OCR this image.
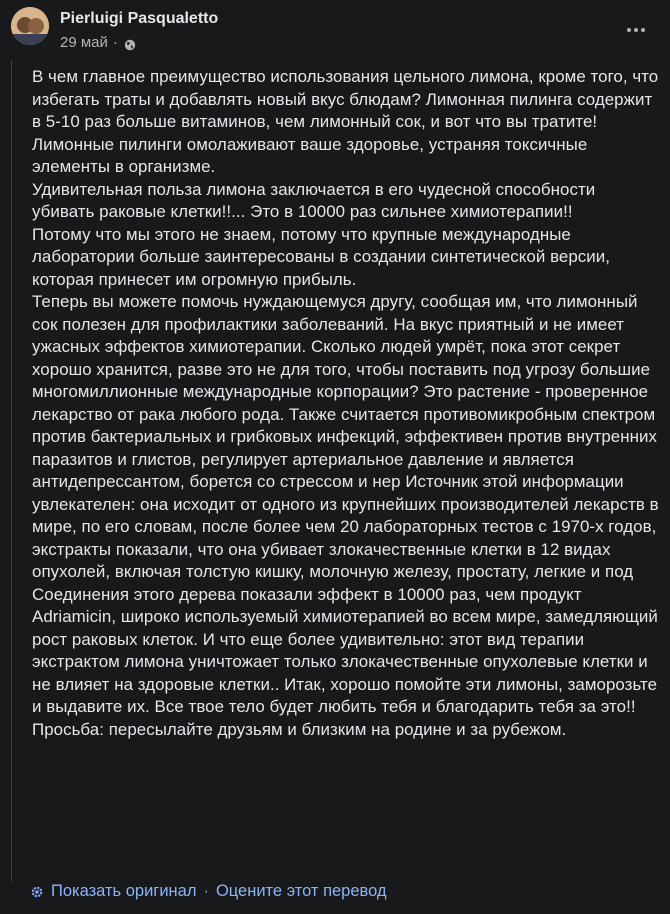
Pierluigi Pasqualetto
29 май ·

В чем главное преимущество использования цельного лимона, кроме того, что избегать траты и добавлять новый вкус блюдам? Лимонная пилинга содержит в 5-10 раз больше витаминов, чем лимонный сок, и вот что вы тратите! Лимонные пилинги омолаживают ваше здоровье, устраняя токсичные элементы в организме.
Удивительная польза лимона заключается в его чудесной способности убивать раковые клетки!!... Это в 10000 раз сильнее химиотерапии!!
Потому что мы этого не знаем, потому что крупные международные лаборатории больше заинтересованы в создании синтетической версии, которая принесет им огромную прибыль.
Теперь вы можете помочь нуждающемуся другу, сообщая им, что лимонный сок полезен для профилактики заболеваний. На вкус приятный и не имеет ужасных эффектов химиотерапии. Сколько людей умрёт, пока этот секрет хорошо хранится, разве это не для того, чтобы поставить под угрозу большие многомиллионные международные корпорации? Это растение - проверенное лекарство от рака любого рода. Также считается противомикробным спектром против бактериальных и грибковых инфекций, эффективен против внутренних паразитов и глистов, регулирует артериальное давление и является антидепрессантом, борется со стрессом и нер Источник этой информации увлекателен: она исходит от одного из крупнейших производителей лекарств в мире, по его словам, после более чем 20 лабораторных тестов с 1970-х годов, экстракты показали, что она убивает злокачественные клетки в 12 видах опухолей, включая толстую кишку, молочную железу, простату, легкие и под Соединения этого дерева показали эффект в 10000 раз, чем продукт Adriamicin, широко используемый химиотерапией во всем мире, замедляющий рост раковых клеток. И что еще более удивительно: этот вид терапии экстрактом лимона уничтожает только злокачественные опухолевые клетки и не влияет на здоровые клетки.. Итак, хорошо помойте эти лимоны, заморозьте и выдавите их. Все твое тело будет любить тебя и благодарить тебя за это!! Просьба: пересылайте друзьям и близким на родине и за рубежом.

Показать оригинал · Оцените этот перевод
